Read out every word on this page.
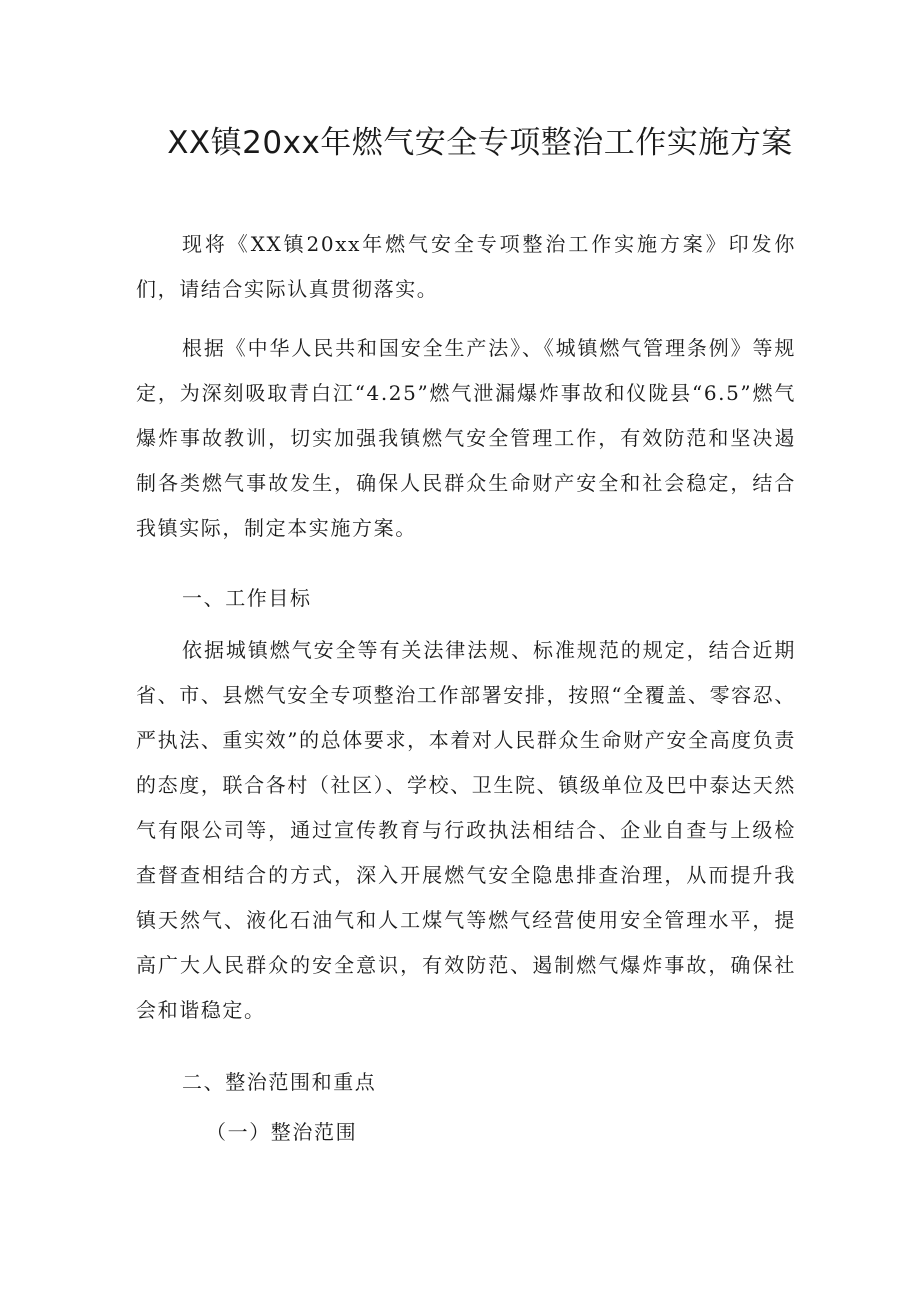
XX镇20xx年燃气安全专项整治工作实施方案

现将《XX镇20xx年燃气安全专项整治工作实施方案》印发你们，请结合实际认真贯彻落实。

根据《中华人民共和国安全生产法》、《城镇燃气管理条例》等规定，为深刻吸取青白江“4.25”燃气泄漏爆炸事故和仪陇县“6.5”燃气爆炸事故教训，切实加强我镇燃气安全管理工作，有效防范和坚决遏制各类燃气事故发生，确保人民群众生命财产安全和社会稳定，结合我镇实际，制定本实施方案。

一、工作目标

依据城镇燃气安全等有关法律法规、标准规范的规定，结合近期省、市、县燃气安全专项整治工作部署安排，按照“全覆盖、零容忍、严执法、重实效”的总体要求，本着对人民群众生命财产安全高度负责的态度，联合各村（社区）、学校、卫生院、镇级单位及巴中泰达天然气有限公司等，通过宣传教育与行政执法相结合、企业自查与上级检查督查相结合的方式，深入开展燃气安全隐患排查治理，从而提升我镇天然气、液化石油气和人工煤气等燃气经营使用安全管理水平，提高广大人民群众的安全意识，有效防范、遏制燃气爆炸事故，确保社会和谐稳定。

二、整治范围和重点

（一）整治范围
